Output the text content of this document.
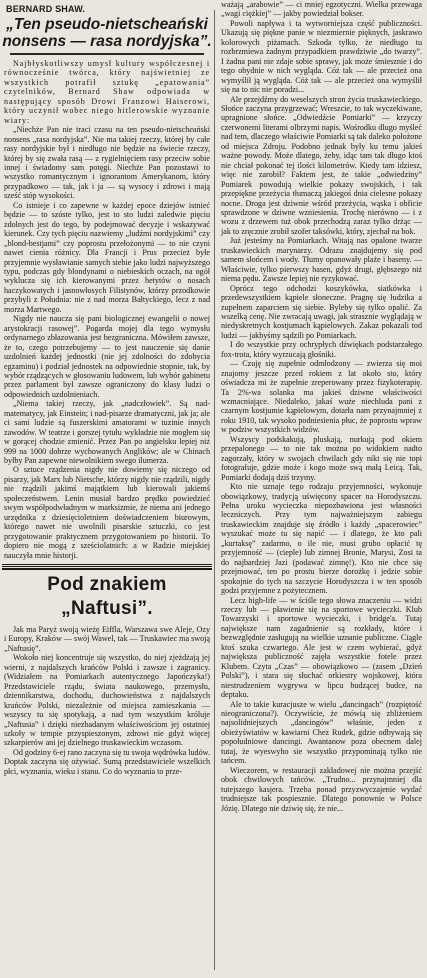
BERNARD SHAW.
„Ten pseudo-nietscheański nonsens — rasa nordyjska”.

Najbłyskotliwszy umysł kultury współczesnej i równocześnie twórca, który najświetniej ze wszystkich potrafił sztukę „epatowania” czytelników, Bernard Shaw odpowiada w następujący sposób Drowi Franzowi Haiserowi, który uczynił wobec niego hitlerowskie wyznanie wiary:

„Niechże Pan nie traci czasu na ten pseudo-nietscheański nonsens „rasa nordyjska”. Nie ma takiej rzeczy, której by całe rasy nordyjskie był i niedługo nie będzie na świecie rzeczy, której by się zwała rasą — z rygielnięciem rasy przeciw sobie innej i świadomy sam potęgi. Niechże Pan pozostawi to wszystko romantycznym i ignorantom Amerykanom, który przypadkowo — tak, jak i ja — są wysocy i zdrowi i mają sześć stóp wysokości.

Co istnieje i co zapewne w każdej epoce dziejów istnieć będzie — to szóste tylko, jest to sto ludzi zaledwie pięciu zdolnych jest do tego, by podejmować decyzje i wskazywać kierunek. Czy tych pięciu nazwiemy „ludźmi nordyjskimi” czy „blond-bestjami” czy poprostu przełożonymi — to nie czyni nawet cienia różnicy. Dla Francji i Prus przecież byłe przyjemnie wysławianie samych siebie jako ludzi najwyższego typu, podczas gdy blondynami o niebieskich oczach, na ogół wyklucza się ich kierowanymi przez hetytów o nosach haczykowatych i jasnowłosych Filistynów, którzy przodkowie przybyli z Południa: nie z nad morza Bałtyckiego, lecz z nad morza Martwego.

Nigdy nie naucza się pani biologicznej ewangelii o nowej arystokracji rasowej”. Pogarda mojej dla tego wymysłu ordynarnego zbłazowania jest bezgraniczna. Mówiłem zawsze, że to, czego potrzebujemy — to jest nauczenie się danie uzdolnień każdej jednostki (nie jej zdolności do zdobycia egzaminu) i podział jednostek na odpowiednie stopnie, tak, by wybór rządzących w głosowaniu ludowem, lub wybór gabinetu przez parlament był zawsze ograniczony do klasy ludzi o odpowiednich uzdolnieniach.

„Niema takiej rzeczy, jak „nadczłowiek”. Są nad-matematycy, jak Einstein; i nad-pisarze dramatyczni, jak ja; ale ci sami ludzie są fuszerskimi amatorami w tuzinie innych zawodów. W teatrze i gorszej tytułu wykładzie nie mogłem się w gorącej chodzie zmienić. Przez Pan po angielsku lepiej niż 999 na 1000 dobrze wychowanych Anglików; ale w Chinach byłby Pan zapewne niewolnikiem swego ilumerza.

O sztuce rządzenia nigdy nie dowiemy się niczego od pisarzy, jak Marx lub Nietsche, którzy nigdy nie rządzili, nigdy nie rządzili jakimś majątkiem lub kierowali jakiemś społeczeństwem. Lenin musiał bardzo prędko powiedzieć swym współpodwładnym w marksizmie, że niema ani jednego urzędnika z dziesięcioletniem doświadczeniem biurowym, którego nawet nie uwolnili pisarskie sztuczki, co jest przygotowanie praktycznem przygotowaniem po historii. To dopiero nie mogą z sześciolatnich: a w Radzie miejskiej nauczyła mnie historji.

Pod znakiem „Naftusi”.

Jak ma Paryż swoją wieżę Eiffla, Warszawa swe Aleje, Ozy i Europy, Kraków — swój Wawel, tak — Truskawiec ma swoją „Naftusię”.

Wokoło niej koncentruje się wszystko, do niej zjeżdżają jej wierni, z najdalszych krańców Polski i zawsze i zagranicy. (Widziałem na Pomiarkach autentycznego Japończyka!) Przedstawiciele rządu, świata naukowego, przemysłu, dziennikarstwa, dochodu, duchowieństwa z najdalszych krańców Polski, niezależnie od miejsca zamieszkania — wszyscy tu się spotykają, a nad tym wszystkim króluje „Naftusia” i dzięki niezbadanym właściwościom jej ostatniej szkoły w tempie przyspieszonym, zdrowi nie gdyż więcej szkarpierów ani jej dzielnego truskawieckim wczasom.

Od godziny 6-ej rano zaczyna się tu swoja wędrówka ludów. Doptak zaczyna się ożywiać. Sumą przedstawiciele wszelkich płci, wyznania, wieku i stanu. Co do wyznania to prze-

ważają „arabowie” — ci mniej egzotyczni. Wielka przewaga „wagi ciężkiej” — jakby powiedział bokser.

Powoli napływa i ta wytworniejsza część publiczności. Ukazują się piękne panie w niezmiernie pięknych, jaskrawo kolorowych piżamach. Szkoda tylko, że niedługo tu rozbrzmiewa żadnym przypadkiem prawdziwie „do twarzy”. I żadna pani nie zdaje sobie sprawy, jak może śmiesznie i do tego obydnie w nich wygląda. Cóż tak — ale przecież ona wymyślił ją wygląda. Cóż tak — ale przecież ona wymyślił się na to nic nie poradzi...

Ale przejdźmy do weselszych stron życia truskawieckiego. Słońce zaczyna przygrzewać; Wreszcie, to tak wyczekiwane, upragnione słońce. „Odwiedźcie Pomiarki” — krzyczy czerwonemi literami olbrzymi napis. Wośrodku dlugo myśleć nad tem, dlaczego właściwie Pomiarki są tak daleko położone od miejsca Zdroju. Podobno jednak były ku temu jakieś ważne powody. Może dlatego, żeby, idąc tam tak długo ktoś nie chciał pokonać tej ilości kilometrów. Kiedy tam idziesz, więc nie zarobił? Faktem jest, że takie „odwiedziny” Pomiarek powodują wielkie pokazy swojskich, i tak przepiękne przeżycia tłumaczą jakiegoś dnia cielesne pokazy nocne. Droga jest dziwnie wśród przeżycia, wąska i obficie sprawdzone w dziwne wzniesienia. Trochę nierówno — i z wozu z drzewem tuż obok przechodzą zaraz tylko drżąc — jak to zręcznie zrobił szofer taksówki, który, zjechał na bok.

Już jesteśmy na Pomiarkach. Witają nas opalone twarze truskawieckich marynarzy. Odrazu znajdujemy się pod samem słońcem i wody. Tłumy opanowały plaże i baseny. — Właściwie, tylko pierwszy basen, gdyż drugi, głębszego niż niema pędu. Zawsze lepiej nie ryzykować.

Oprócz tego odchodzi koszykówka, siatkówka i przedewszystkiem kąpiele słoneczne. Pragnę się łudzika a zupełnem zaparciem się siebie. Byleby się tylko opalić. Za wszelką cenę. Nie zwracają uwagi, jak strasznie wyglądają w niedyskretnych kostjumach kąpielowych. Zakaz pokazali tod ludzi — jakbyśmy sądzili po Pomiarkach.

I do wszystkie przy ochrypłych dźwiękach podstarzałego fox-trota, który wyrzucają głośniki.

— Czuję się zupełnie odmłodzony — zwierza się moi znajomy jeszcze przed rokiem z lat około sto, który oświadcza mi że zupełnie zreperowany przez fizykoterapię. Ta 2%-wa solanka ma jakieś dziwne właściwości wzmacniające. Niedaleko, jakaś wuże niechluda pani z czarnym kostjumie kąpielowym, dotarła nam przynajmniej z roku 1910, tak wysoko podniesienia płuc, że poprostu wpraw w podziw wszystkich widzów.

Wszyscy podskakują, pluskają, nurkują pod okiem przepalonego — to nie tak można po widokiem nadto zagorzały, który w swojach chwilach gdy nikt się nie topi fotografuje, gdzie może i kogo może swą małą Leicą. Tak, Pomiarki dodają dziś trzymy.

Kto nie uznaje tego rodzaju przyjemności, wykonuje obowiązkowy, tradycją uświęcony spacer na Horodyszczu. Pełna uroku wycieczka niepozbawiona jest własności leczniczych. Przy tym najważniejszym zabiegu truskawieckim znajduje się źródło i każdy „spacerowiec” wyszukać może tu się napić — i dlatego, że kto pali „kurtaksę” zadarmo, o ile nie, musi grubo opłacić tę przyjemność — (cieple) lub zimnej Bronie, Marysi, Zosi ta do najbardziej Jazi (podawać zimnę!). Kto nie chce się przejmować, ten po prostu bierze dorożkę i jedzie sobie spokojnie do tych na szczycie Horodyszcza i w ten sposób godzi przyjemne z pożytecznem.

Lecz high-life — w ściśle tego słowa znaczeniu — widzi rzeczy lub — pławienie się na sportowe wycieczki. Klub Towarzyski i sportowe wycieczki, i bridge'a. Tutaj największe nam zagadnienie są rozkłady, które i bezwzględnie zasługują na wielkie uznanie publiczne. Ciągle ktoś szuka czwartego. Ale jest w czem wybierać, gdyż największa publiczność zajęła wszystkie fotele przez Klubem. Czyta „Czas” — obowiązkowo — (zasem „Dzień Polski”), i stara się słuchać orkiestry wojskowej, która niestrudzeniem wygrywa w lipcu budzącej budce, na deptaku.

Ale to takie kuracjusze w wielu „dancingach” (rozpiętość nieograniczona?). Oczywiście, że mówią się zbliżeniem najsolidniejszych „dancingów” właśnie, jeden z obieżyświatów w kawiarni Chez Rudek, gdzie odbywają się popołudniowe dancingi. Awantanow poza obecnem dalej tutaj, że wyeswyho sie wszystko przypominają tylko nie tańcem.

Wieczorem, w restauracji zakładowej nie można przejść obok chwilowych tańców. „Trudno... przynajmniej dla tutejszego kasjera. Trzeba ponad przyzwyczajenie wydać trudniejsze tak pospiesznie. Dlatego ponownie w Polsce Józię. Dlatego nie dziwię się, że nie...
